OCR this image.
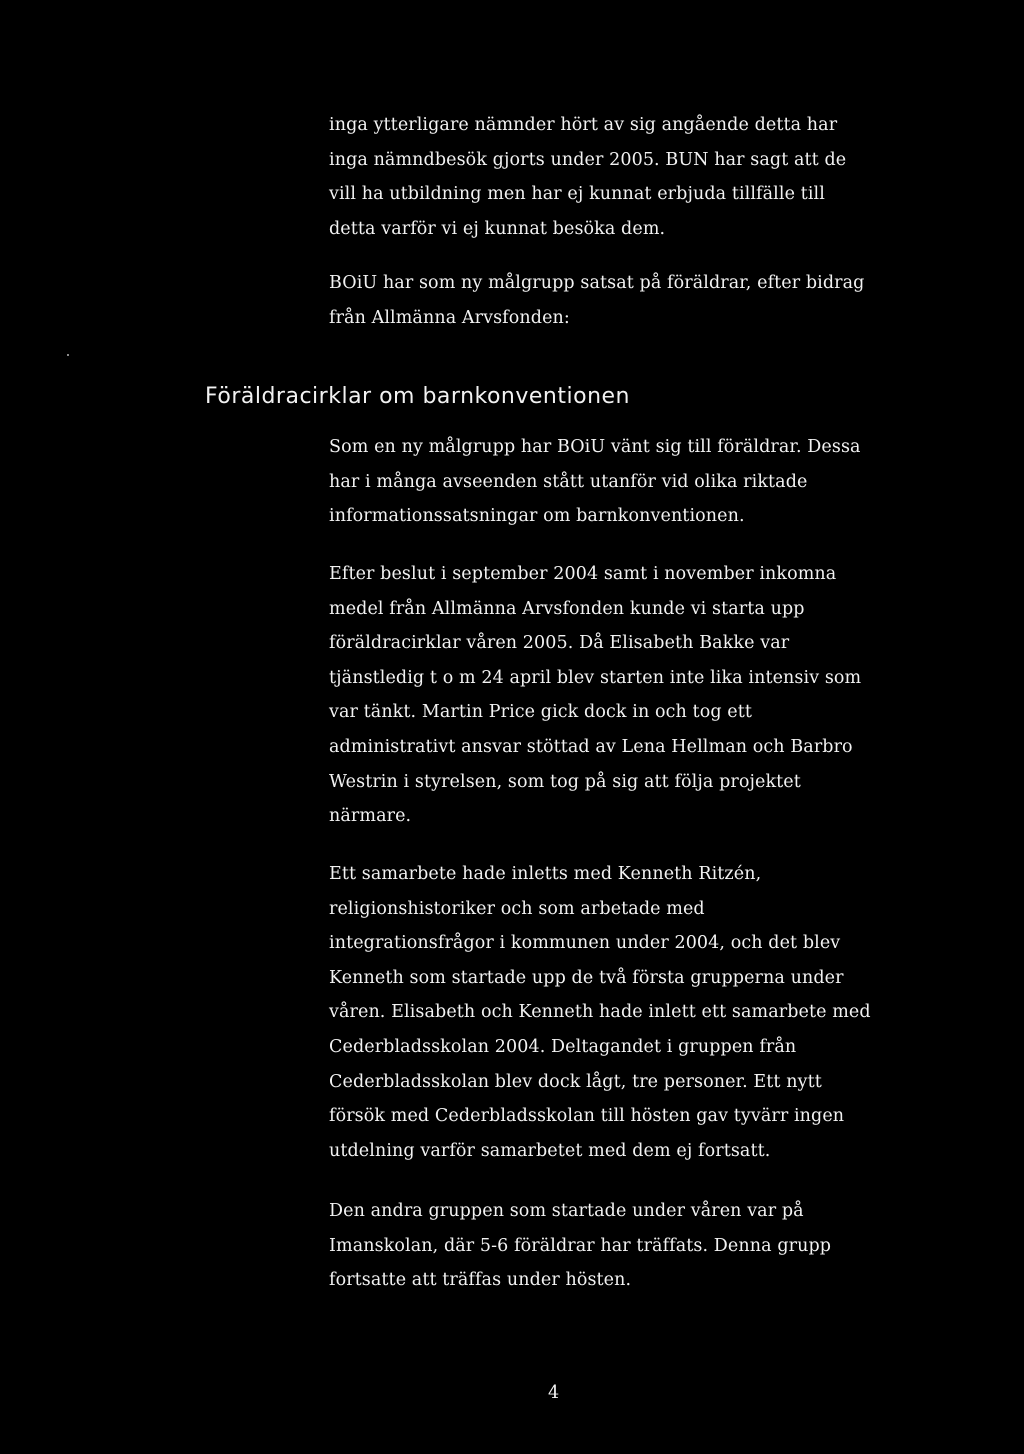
inga ytterligare nämnder hört av sig angående detta har inga nämndbesök gjorts under 2005. BUN har sagt att de vill ha utbildning men har ej kunnat erbjuda tillfälle till detta varför vi ej kunnat besöka dem.

BOiU har som ny målgrupp satsat på föräldrar, efter bidrag från Allmänna Arvsfonden:

Föräldracirklar om barnkonventionen

Som en ny målgrupp har BOiU vänt sig till föräldrar. Dessa har i många avseenden stått utanför vid olika riktade informationssatsningar om barnkonventionen.

Efter beslut i september 2004 samt i november inkomna medel från Allmänna Arvsfonden kunde vi starta upp föräldracirklar våren 2005. Då Elisabeth Bakke var tjänstledig t o m 24 april blev starten inte lika intensiv som var tänkt. Martin Price gick dock in och tog ett administrativt ansvar stöttad av Lena Hellman och Barbro Westrin i styrelsen, som tog på sig att följa projektet närmare.

Ett samarbete hade inletts med Kenneth Ritzén, religionshistoriker och som arbetade med integrationsfrågor i kommunen under 2004, och det blev Kenneth som startade upp de två första grupperna under våren. Elisabeth och Kenneth hade inlett ett samarbete med Cederbladsskolan 2004. Deltagandet i gruppen från Cederbladsskolan blev dock lågt, tre personer. Ett nytt försök med Cederbladsskolan till hösten gav tyvärr ingen utdelning varför samarbetet med dem ej fortsatt.

Den andra gruppen som startade under våren var på Imanskolan, där 5-6 föräldrar har träffats. Denna grupp fortsatte att träffas under hösten.

4
